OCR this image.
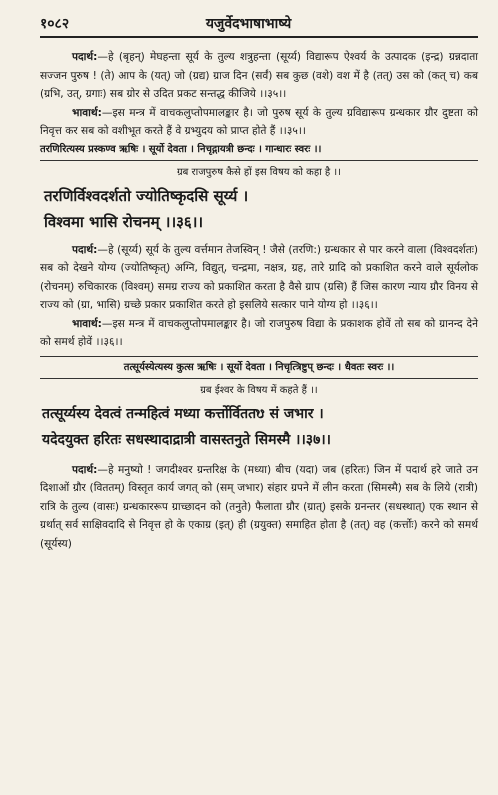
१०८२	यजुर्वेदभाषाभाष्ये

पदार्थ:—हे (बृहन्) मेघहन्ता सूर्य के तुल्य शत्रुहन्ता (सूर्य्य) विद्यारूप ऐश्वर्य के उत्पादक (इन्द्र) ग्रन्नदाता सज्जन पुरुष ! (ते) आप के (यत्) जो (ग्रद्य) ग्राज दिन (सर्वं) सब कुछ (वशे) वश में है (तत्) उस को (कत् च) कब (ग्रभि, उत्, ग्रगाः) सब ग्रोर से उदित प्रकट सन्तद्ध कीजिये ।।३५।।

भावार्थ:—इस मन्त्र में वाचकलुप्तोपमालङ्कार है। जो पुरुष सूर्य के तुल्य ग्रविद्यारूप ग्रन्धकार ग्रौर दुष्टता को निवृत्त कर सब को वशीभूत करते हैं वे ग्रभ्युदय को प्राप्त होते हैं ।।३५।।

तरणिरित्यस्य प्रस्कण्व ऋषिः । सूर्यो देवता । निचृद्गायत्री छन्दः । गान्धारः स्वरः ।।
ग्रब राजपुरुष कैसे हों इस विषय को कहा है ।।
तरणिर्विश्वदर्शतो ज्योतिष्कृदसि सूर्य्य ।
विश्वमा भासि रोचनम् ।।३६।।

पदार्थ:—हे (सूर्य्य) सूर्य के तुल्य वर्त्तमान तेजस्विन् ! जैसे (तरणि:) ग्रन्धकार से पार करने वाला (विश्वदर्शतः) सब को देखने योग्य (ज्योतिष्कृत्) अग्नि, विद्युत्, चन्द्रमा, नक्षत्र, ग्रह, तारे ग्रादि को प्रकाशित करने वाले सूर्यलोक (रोचनम्) रुचिकारक (विश्वम्) समग्र राज्य को प्रकाशित करता है वैसे ग्राप (ग्रसि) हैं जिस कारण न्याय ग्रौर विनय से राज्य को (ग्रा, भासि) ग्रच्छे प्रकार प्रकाशित करते हो इसलिये सत्कार पाने योग्य हो ।।३६।।

भावार्थ:—इस मन्त्र में वाचकलुप्तोपमालङ्कार है। जो राजपुरुष विद्या के प्रकाशक होवें तो सब को ग्रानन्द देने को समर्थ होवें ।।३६।।

तत्सूर्यस्येत्यस्य कुत्स ऋषिः । सूर्यो देवता । निचृत्त्रिष्टुप् छन्दः । धैवतः स्वरः ।।
ग्रब ईश्वर के विषय में कहते हैं ।।
तत्सूर्य्यस्य देवत्वं तन्महित्वं मध्या कर्त्तोर्विततᳪ सं जभार ।
यदेदयुक्त हरितः सधस्थादाद्रात्री वासस्तनुते सिमस्मै ।।३७।।

पदार्थ:—हे मनुष्यो ! जगदीश्वर ग्रन्तरिक्ष के (मध्या) बीच (यदा) जब (हरितः) जिन में पदार्थ हरे जाते उन दिशाओं ग्रौर (विततम्) विस्तृत कार्य जगत् को (सम् जभार) संहार ग्रपने में लीन करता (सिमस्मै) सब के लिये (रात्री) रात्रि के तुल्य (वासः) ग्रन्धकाररूप ग्राच्छादन को (तनुते) फैलाता ग्रौर (ग्रात्) इसके ग्रनन्तर (सधस्थात्) एक स्थान से ग्रर्थात् सर्व साक्षिवदादि से निवृत्त हो के एकाग्र (इत्) ही (ग्रयुक्त) समाहित होता है (तत्) वह (कर्त्तोः) करने को समर्थ (सूर्यस्य)
